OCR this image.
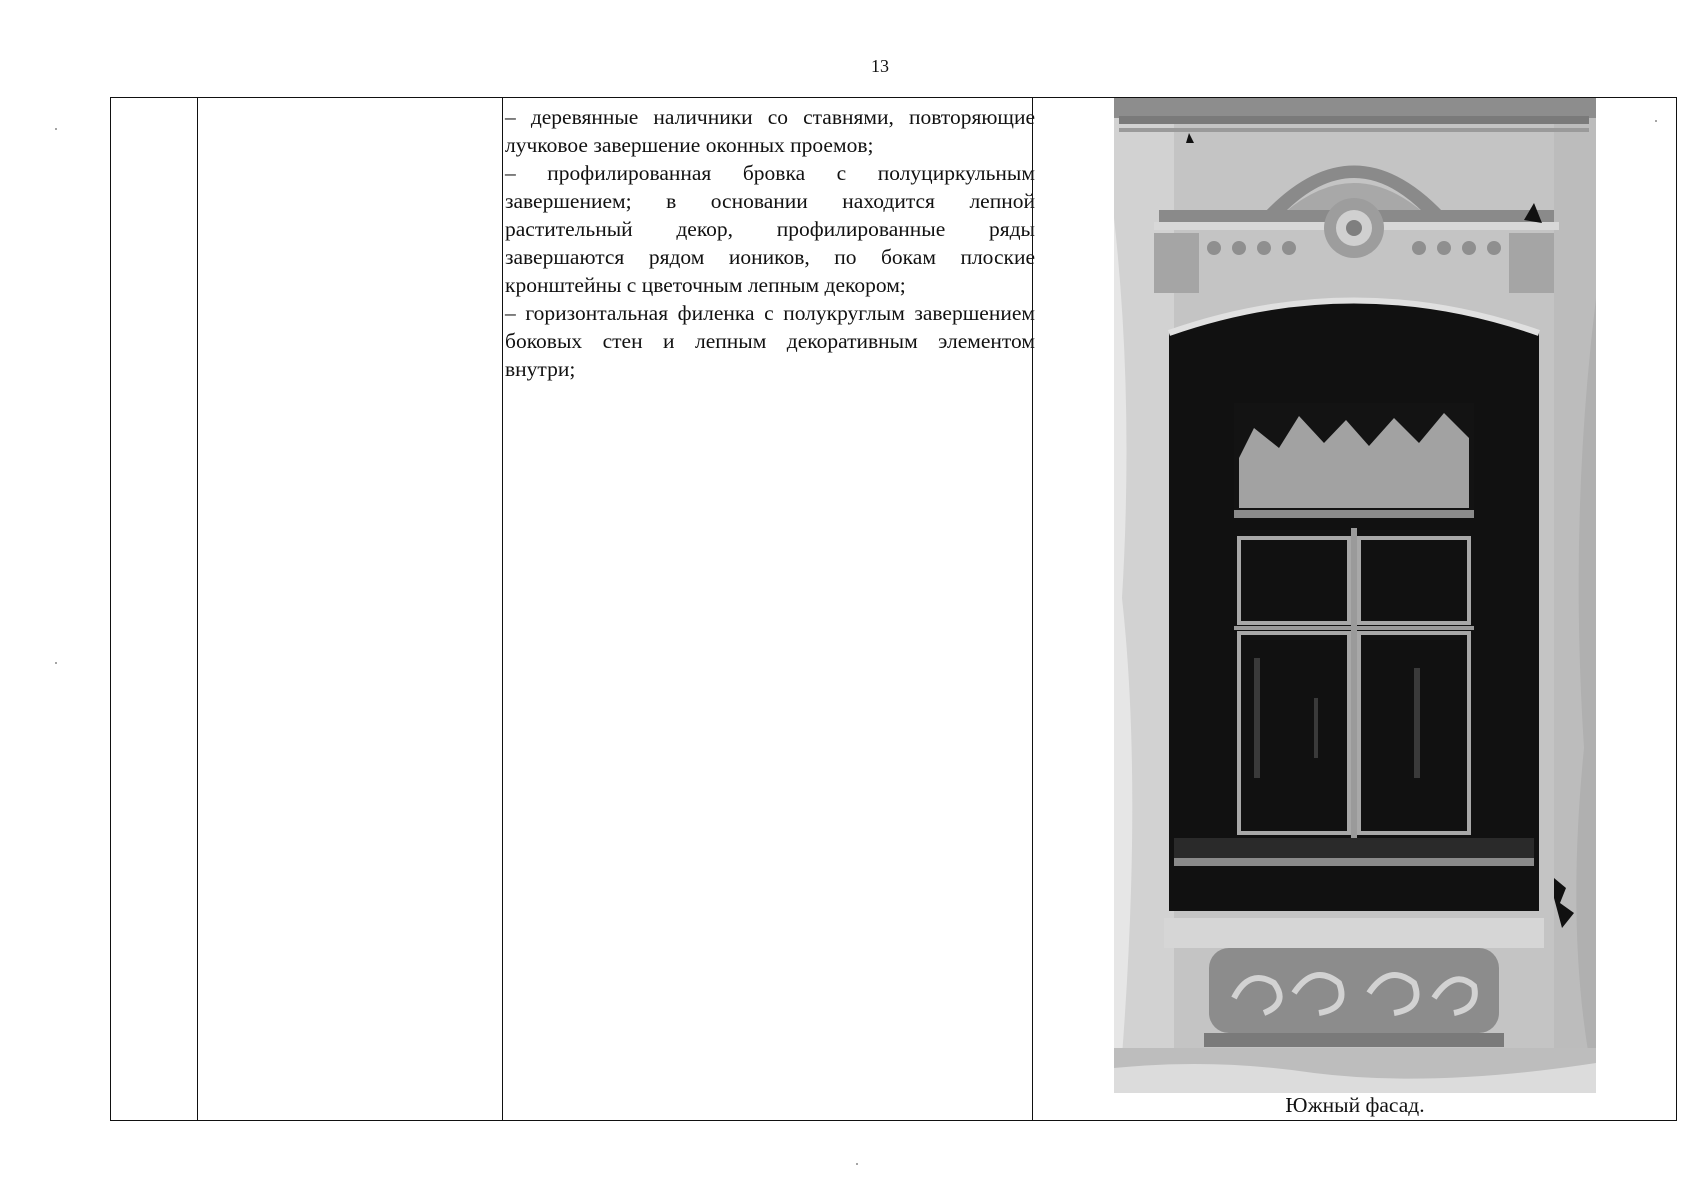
13

– деревянные наличники со ставнями, повторяющие лучковое завершение оконных проемов;

– профилированная бровка с полуциркульным завершением; в основании находится лепной растительный декор, профилированные ряды завершаются рядом иоников, по бокам плоские кронштейны с цветочным лепным декором;

– горизонтальная филенка с полукруглым завершением боковых стен и лепным декоративным элементом внутри;

Южный фасад.
